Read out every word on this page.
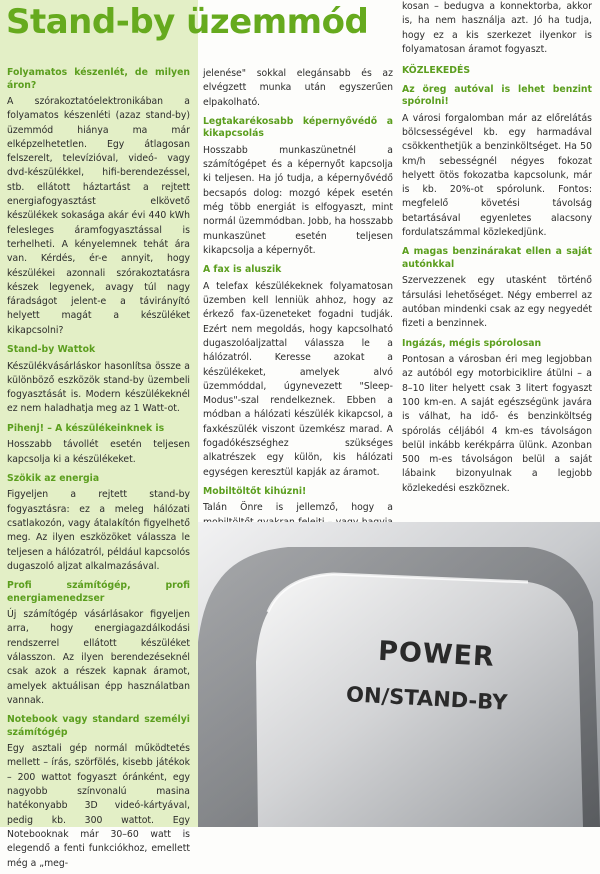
Stand-by üzemmód
Folyamatos készenlét, de milyen áron?

A szórakoztatóelektronikában a folyamatos készenléti (azaz stand-by) üzemmód hiánya ma már elképzelhetetlen. Egy átlagosan felszerelt, televízióval, videó- vagy dvd-készülékkel, hifi-berendezéssel, stb. ellátott háztartást a rejtett energiafogyasztást elkövető készülékek sokasága akár évi 440 kWh felesleges áramfogyasztással is terhelheti. A kényelemnek tehát ára van. Kérdés, ér-e annyit, hogy készülékei azonnali szórakoztatásra készek legyenek, avagy túl nagy fáradságot jelent-e a távirányító helyett magát a készüléket kikapcsolni?

Stand-by Wattok

Készülékvásárláskor hasonlítsa össze a különböző eszközök stand-by üzembeli fogyasztását is. Modern készülékeknél ez nem haladhatja meg az 1 Watt-ot.

Pihenj! – A készülékeinknek is

Hosszabb távollét esetén teljesen kapcsolja ki a készülékeket.

Szökik az energia

Figyeljen a rejtett stand-by fogyasztásra: ez a meleg hálózati csatlakozón, vagy átalakítón figyelhető meg. Az ilyen eszközöket válassza le teljesen a hálózatról, például kapcsolós dugaszoló aljzat alkalmazásával.

Profi számítógép, profi energiamenedzser

Új számítógép vásárlásakor figyeljen arra, hogy energiagazdálkodási rendszerrel ellátott készüléket válasszon. Az ilyen berendezéseknél csak azok a részek kapnak áramot, amelyek aktuálisan épp használatban vannak.

Notebook vagy standard személyi számítógép

Egy asztali gép normál működtetés mellett – írás, szörfölés, kisebb játékok – 200 wattot fogyaszt óránként, egy nagyobb színvonalú masina hatékonyabb 3D videó-kártyával, pedig kb. 300 wattot. Egy Notebooknak már 30–60 watt is elegendő a fenti funkciókhoz, emellett még a „meg-

jelenése" sokkal elegánsabb és az elvégzett munka után egyszerűen elpakolható.

Legtakarékosabb képernyővédő a kikapcsolás

Hosszabb munkaszünetnél a számítógépet és a képernyőt kapcsolja ki teljesen. Ha jó tudja, a képernyővédő becsapós dolog: mozgó képek esetén még több energiát is elfogyaszt, mint normál üzemmódban. Jobb, ha hosszabb munkaszünet esetén teljesen kikapcsolja a képernyőt.

A fax is aluszik

A telefax készülékeknek folyamatosan üzemben kell lenniük ahhoz, hogy az érkező fax-üzeneteket fogadni tudják. Ezért nem megoldás, hogy kapcsolható dugaszolóaljzattal válassza le a hálózatról. Keresse azokat a készülékeket, amelyek alvó üzemmóddal, úgynevezett "Sleep-Modus"-szal rendelkeznek. Ebben a módban a hálózati készülék kikapcsol, a faxkészülék viszont üzemkész marad. A fogadókészséghez szükséges alkatrészek egy külön, kis hálózati egységen keresztül kapják az áramot.

Mobiltöltőt kihúzni!

Talán Önre is jellemző, hogy a

kosan – bedugva a konnektorba, akkor is, ha nem használja azt. Jó ha tudja, hogy ez a kis szerkezet ilyenkor is folyamatosan áramot fogyaszt.

KÖZLEKEDÉS
Az öreg autóval is lehet benzint spórolni!

A városi forgalomban már az előrelátás bölcsességével kb. egy harmadával csökkenthetjük a benzinköltséget. Ha 50 km/h sebességnél négyes fokozat helyett ötös fokozatba kapcsolunk, már is kb. 20%-ot spórolunk. Fontos: megfelelő követési távolság betartásával egyenletes alacsony fordulatszámmal közlekedjünk.

A magas benzinárakat ellen a saját autónkkal

Szervezzenek egy utasként történő társulási lehetőséget. Négy emberrel az autóban mindenki csak az egy negyedét fizeti a benzinnek.

Ingázás, mégis spórolosan

Pontosan a városban éri meg legjobban az autóból egy motorbiciklire átülni – a 8–10 liter helyett csak 3 litert fogyaszt 100 km-en. A saját egészségünk javára is válhat, ha idő- és benzinköltség spórolás céljából 4 km-es távolságon belül inkább kerékpárra ülünk. Azonban 500 m-es távolságon belül a saját lábaink bizonyulnak a legjobb közlekedési eszköznek.

POWER
ON/STAND-BY
